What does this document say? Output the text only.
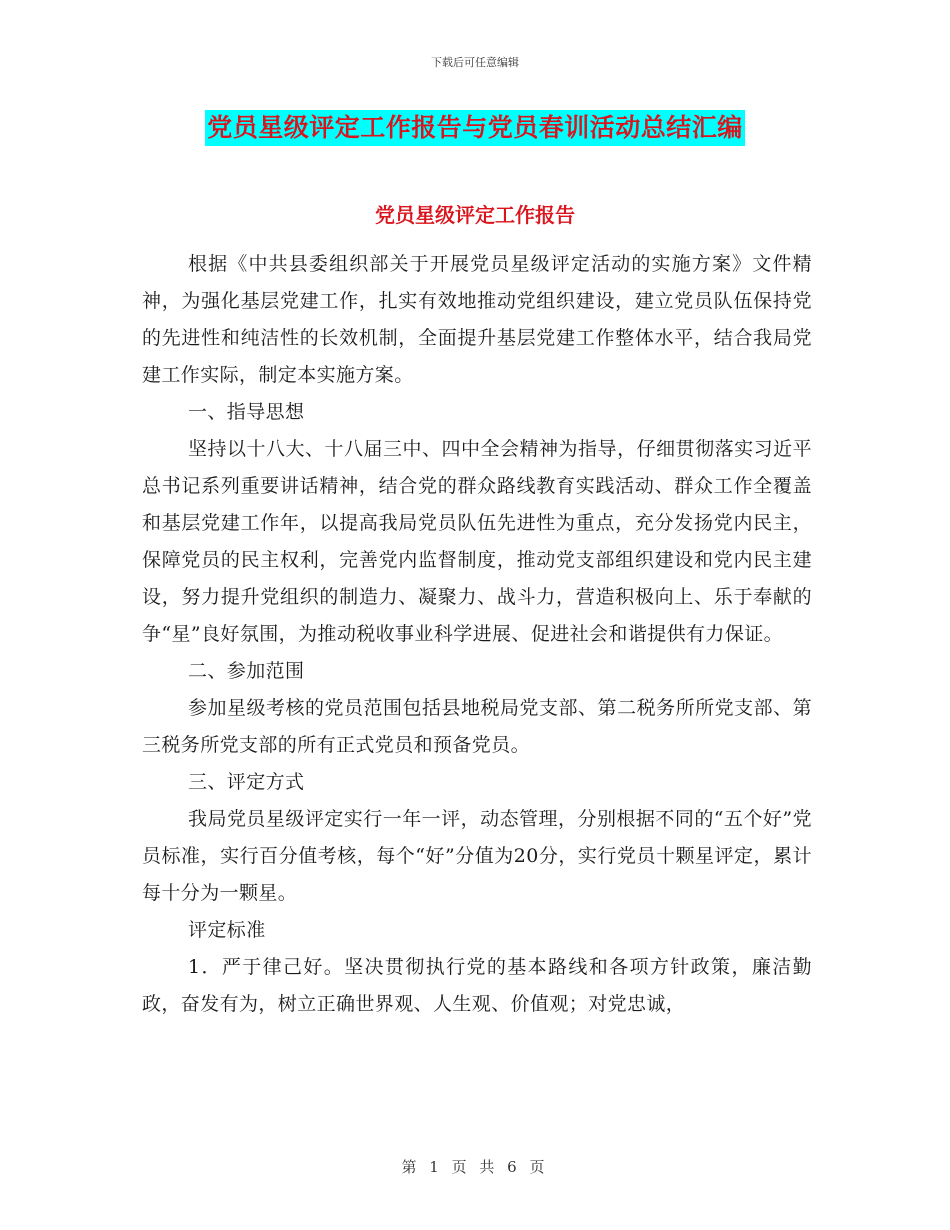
下载后可任意编辑
党员星级评定工作报告与党员春训活动总结汇编
党员星级评定工作报告

根据《中共县委组织部关于开展党员星级评定活动的实施方案》文件精神，为强化基层党建工作，扎实有效地推动党组织建设，建立党员队伍保持党的先进性和纯洁性的长效机制，全面提升基层党建工作整体水平，结合我局党建工作实际，制定本实施方案。

一、指导思想

坚持以十八大、十八届三中、四中全会精神为指导，仔细贯彻落实习近平总书记系列重要讲话精神，结合党的群众路线教育实践活动、群众工作全覆盖和基层党建工作年，以提高我局党员队伍先进性为重点，充分发扬党内民主，保障党员的民主权利，完善党内监督制度，推动党支部组织建设和党内民主建设，努力提升党组织的制造力、凝聚力、战斗力，营造积极向上、乐于奉献的争“星”良好氛围，为推动税收事业科学进展、促进社会和谐提供有力保证。

二、参加范围

参加星级考核的党员范围包括县地税局党支部、第二税务所所党支部、第三税务所党支部的所有正式党员和预备党员。

三、评定方式

我局党员星级评定实行一年一评，动态管理，分别根据不同的“五个好”党员标准，实行百分值考核，每个“好”分值为20分，实行党员十颗星评定，累计每十分为一颗星。

评定标准

1．严于律己好。坚决贯彻执行党的基本路线和各项方针政策，廉洁勤政，奋发有为，树立正确世界观、人生观、价值观；对党忠诚，

第 1 页 共 6 页
